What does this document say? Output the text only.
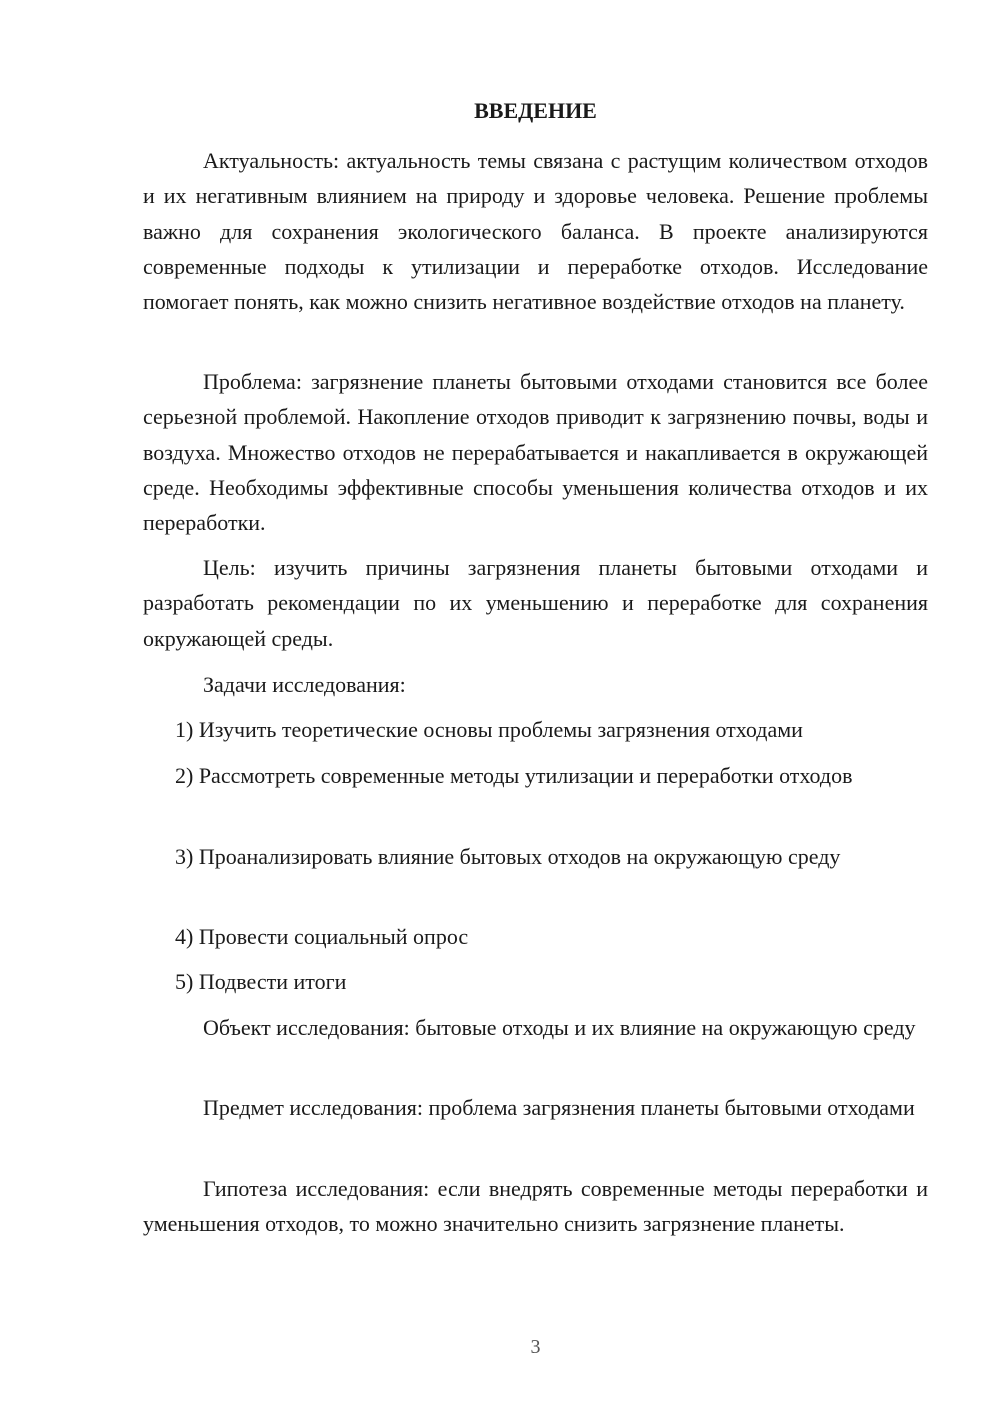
ВВЕДЕНИЕ

Актуальность: актуальность темы связана с растущим количеством отходов и их негативным влиянием на природу и здоровье человека. Решение проблемы важно для сохранения экологического баланса. В проекте анализируются современные подходы к утилизации и переработке отходов. Исследование помогает понять, как можно снизить негативное воздействие отходов на планету.

Проблема: загрязнение планеты бытовыми отходами становится все более серьезной проблемой. Накопление отходов приводит к загрязнению почвы, воды и воздуха. Множество отходов не перерабатывается и накапливается в окружающей среде. Необходимы эффективные способы уменьшения количества отходов и их переработки.

Цель: изучить причины загрязнения планеты бытовыми отходами и разработать рекомендации по их уменьшению и переработке для сохранения окружающей среды.

Задачи исследования:

1) Изучить теоретические основы проблемы загрязнения отходами

2) Рассмотреть современные методы утилизации и переработки отходов

3) Проанализировать влияние бытовых отходов на окружающую среду

4) Провести социальный опрос

5) Подвести итоги

Объект исследования: бытовые отходы и их влияние на окружающую среду

Предмет исследования: проблема загрязнения планеты бытовыми отходами

Гипотеза исследования: если внедрять современные методы переработки и уменьшения отходов, то можно значительно снизить загрязнение планеты.

3
